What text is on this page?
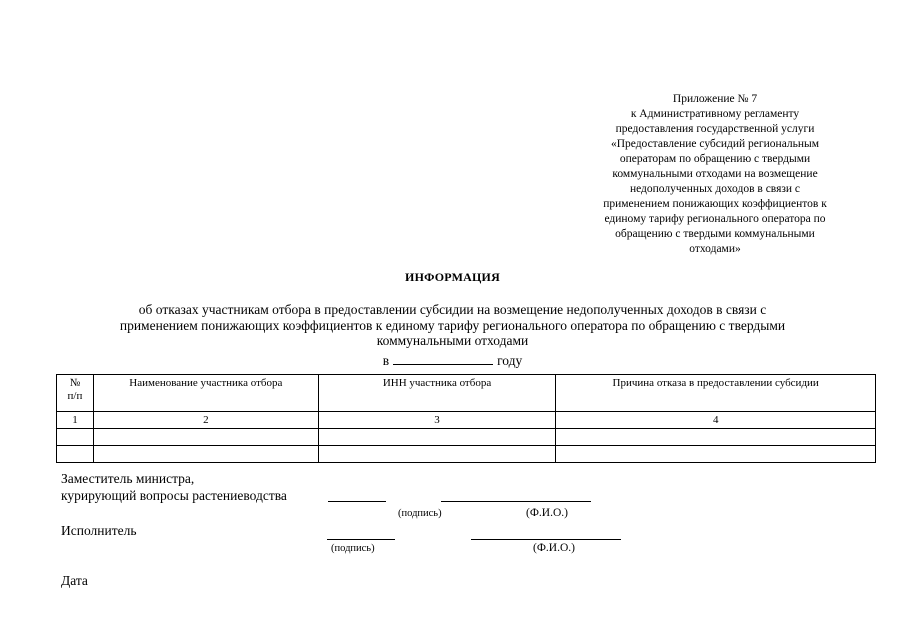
Приложение № 7
к Административному регламенту
предоставления государственной услуги
«Предоставление субсидий региональным
операторам по обращению с твердыми
коммунальными отходами на возмещение
недополученных доходов в связи с
применением понижающих коэффициентов к
единому тарифу регионального оператора по
обращению с твердыми коммунальными
отходами»
ИНФОРМАЦИЯ
об отказах участникам отбора в предоставлении субсидии на возмещение недополученных доходов в связи с
применением понижающих коэффициентов к единому тарифу регионального оператора по обращению с твердыми
коммунальными отходами
в	году
№
п/п	Наименование участника отбора	ИНН участника отбора	Причина отказа в предоставлении субсидии
1	2	3	4

Заместитель министра,
курирующий вопросы растениеводства
(подпись)	(Ф.И.О.)
Исполнитель
(подпись)	(Ф.И.О.)
Дата
